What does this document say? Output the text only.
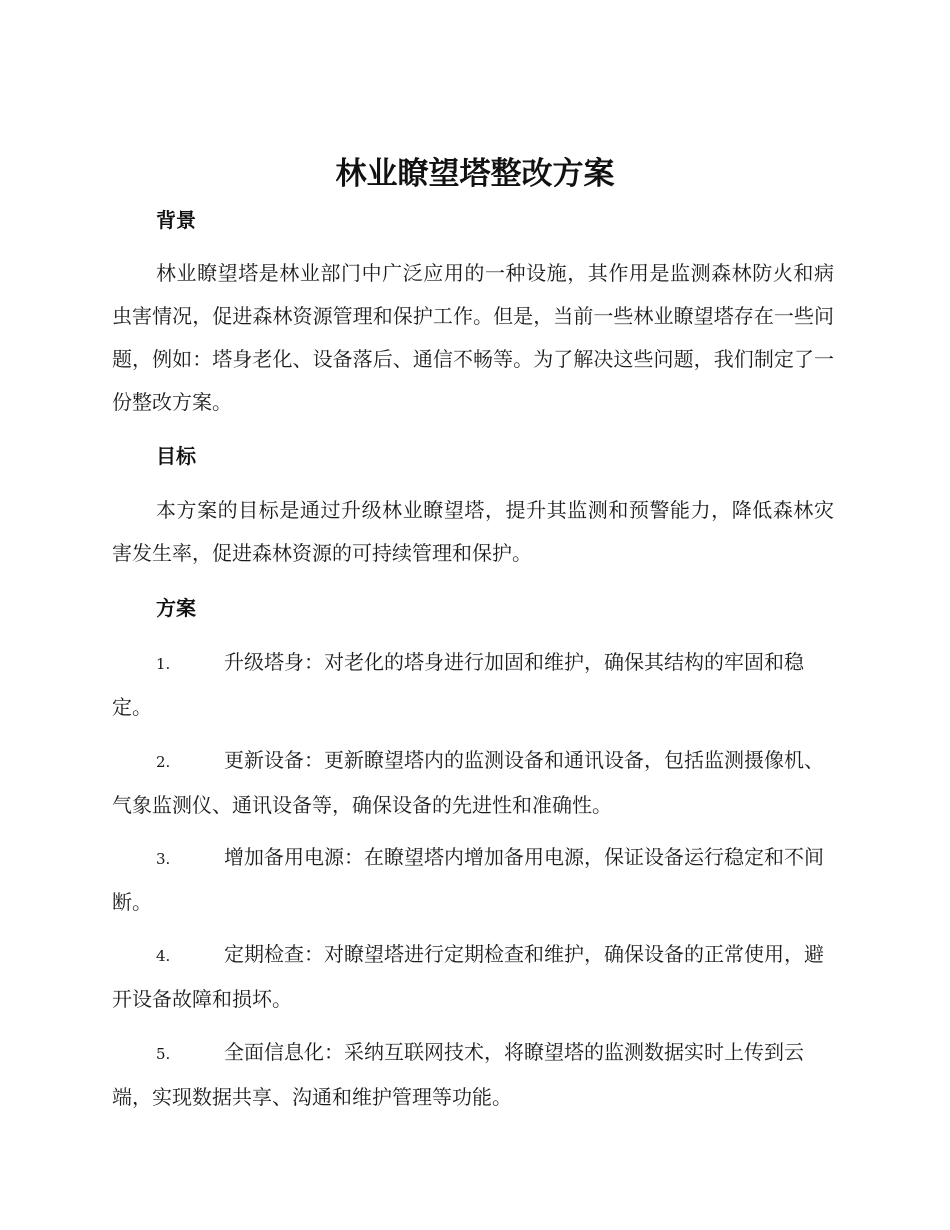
林业瞭望塔整改方案
背景
林业瞭望塔是林业部门中广泛应用的一种设施，其作用是监测森林防火和病虫害情况，促进森林资源管理和保护工作。但是，当前一些林业瞭望塔存在一些问题，例如：塔身老化、设备落后、通信不畅等。为了解决这些问题，我们制定了一份整改方案。
目标
本方案的目标是通过升级林业瞭望塔，提升其监测和预警能力，降低森林灾害发生率，促进森林资源的可持续管理和保护。
方案
1.	升级塔身：对老化的塔身进行加固和维护，确保其结构的牢固和稳定。
2.	更新设备：更新瞭望塔内的监测设备和通讯设备，包括监测摄像机、气象监测仪、通讯设备等，确保设备的先进性和准确性。
3.	增加备用电源：在瞭望塔内增加备用电源，保证设备运行稳定和不间断。
4.	定期检查：对瞭望塔进行定期检查和维护，确保设备的正常使用，避开设备故障和损坏。
5.	全面信息化：采纳互联网技术，将瞭望塔的监测数据实时上传到云端，实现数据共享、沟通和维护管理等功能。
